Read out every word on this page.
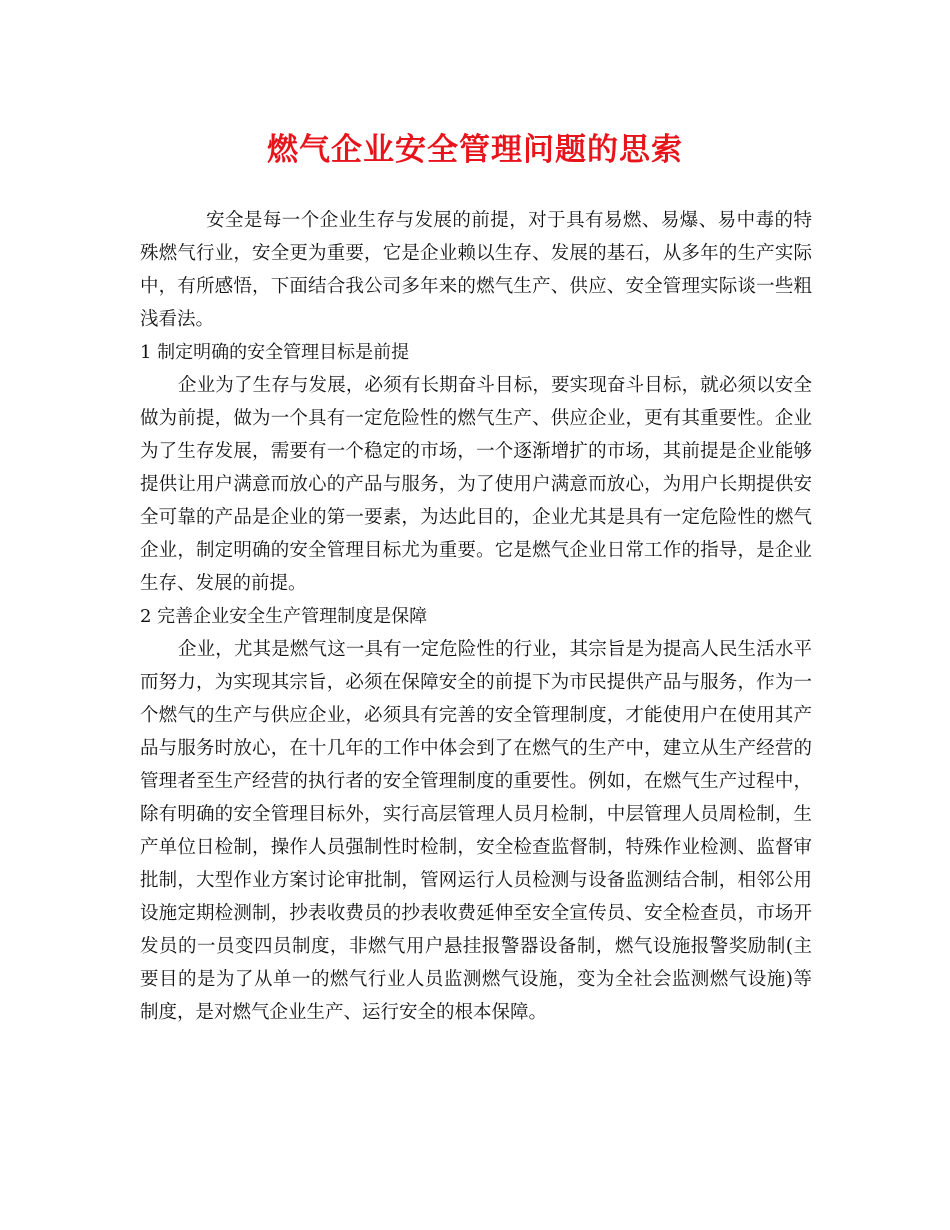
燃气企业安全管理问题的思索

安全是每一个企业生存与发展的前提，对于具有易燃、易爆、易中毒的特殊燃气行业，安全更为重要，它是企业赖以生存、发展的基石，从多年的生产实际中，有所感悟，下面结合我公司多年来的燃气生产、供应、安全管理实际谈一些粗浅看法。

1 制定明确的安全管理目标是前提

企业为了生存与发展，必须有长期奋斗目标，要实现奋斗目标，就必须以安全做为前提，做为一个具有一定危险性的燃气生产、供应企业，更有其重要性。企业为了生存发展，需要有一个稳定的市场，一个逐渐增扩的市场，其前提是企业能够提供让用户满意而放心的产品与服务，为了使用户满意而放心，为用户长期提供安全可靠的产品是企业的第一要素，为达此目的，企业尤其是具有一定危险性的燃气企业，制定明确的安全管理目标尤为重要。它是燃气企业日常工作的指导，是企业生存、发展的前提。

2 完善企业安全生产管理制度是保障

企业，尤其是燃气这一具有一定危险性的行业，其宗旨是为提高人民生活水平而努力，为实现其宗旨，必须在保障安全的前提下为市民提供产品与服务，作为一个燃气的生产与供应企业，必须具有完善的安全管理制度，才能使用户在使用其产品与服务时放心，在十几年的工作中体会到了在燃气的生产中，建立从生产经营的管理者至生产经营的执行者的安全管理制度的重要性。例如，在燃气生产过程中，除有明确的安全管理目标外，实行高层管理人员月检制，中层管理人员周检制，生产单位日检制，操作人员强制性时检制，安全检查监督制，特殊作业检测、监督审批制，大型作业方案讨论审批制，管网运行人员检测与设备监测结合制，相邻公用设施定期检测制，抄表收费员的抄表收费延伸至安全宣传员、安全检查员，市场开发员的一员变四员制度，非燃气用户悬挂报警器设备制，燃气设施报警奖励制(主要目的是为了从单一的燃气行业人员监测燃气设施，变为全社会监测燃气设施)等制度，是对燃气企业生产、运行安全的根本保障。
